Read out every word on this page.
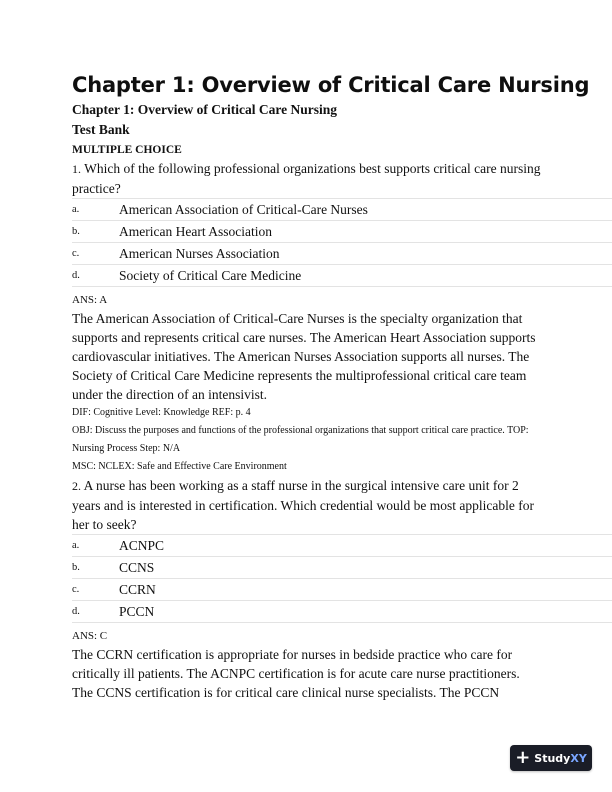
Chapter 1: Overview of Critical Care Nursing
Chapter 1: Overview of Critical Care Nursing
Test Bank
MULTIPLE CHOICE
1. Which of the following professional organizations best supports critical care nursing practice?
a.	American Association of Critical-Care Nurses
b.	American Heart Association
c.	American Nurses Association
d.	Society of Critical Care Medicine
ANS: A
The American Association of Critical-Care Nurses is the specialty organization that supports and represents critical care nurses. The American Heart Association supports cardiovascular initiatives. The American Nurses Association supports all nurses. The Society of Critical Care Medicine represents the multiprofessional critical care team under the direction of an intensivist.
DIF: Cognitive Level: Knowledge REF: p. 4
OBJ: Discuss the purposes and functions of the professional organizations that support critical care practice. TOP: Nursing Process Step: N/A
MSC: NCLEX: Safe and Effective Care Environment
2. A nurse has been working as a staff nurse in the surgical intensive care unit for 2 years and is interested in certification. Which credential would be most applicable for her to seek?
a.	ACNPC
b.	CCNS
c.	CCRN
d.	PCCN
ANS: C
The CCRN certification is appropriate for nurses in bedside practice who care for critically ill patients. The ACNPC certification is for acute care nurse practitioners. The CCNS certification is for critical care clinical nurse specialists. The PCCN
+ StudyXY
